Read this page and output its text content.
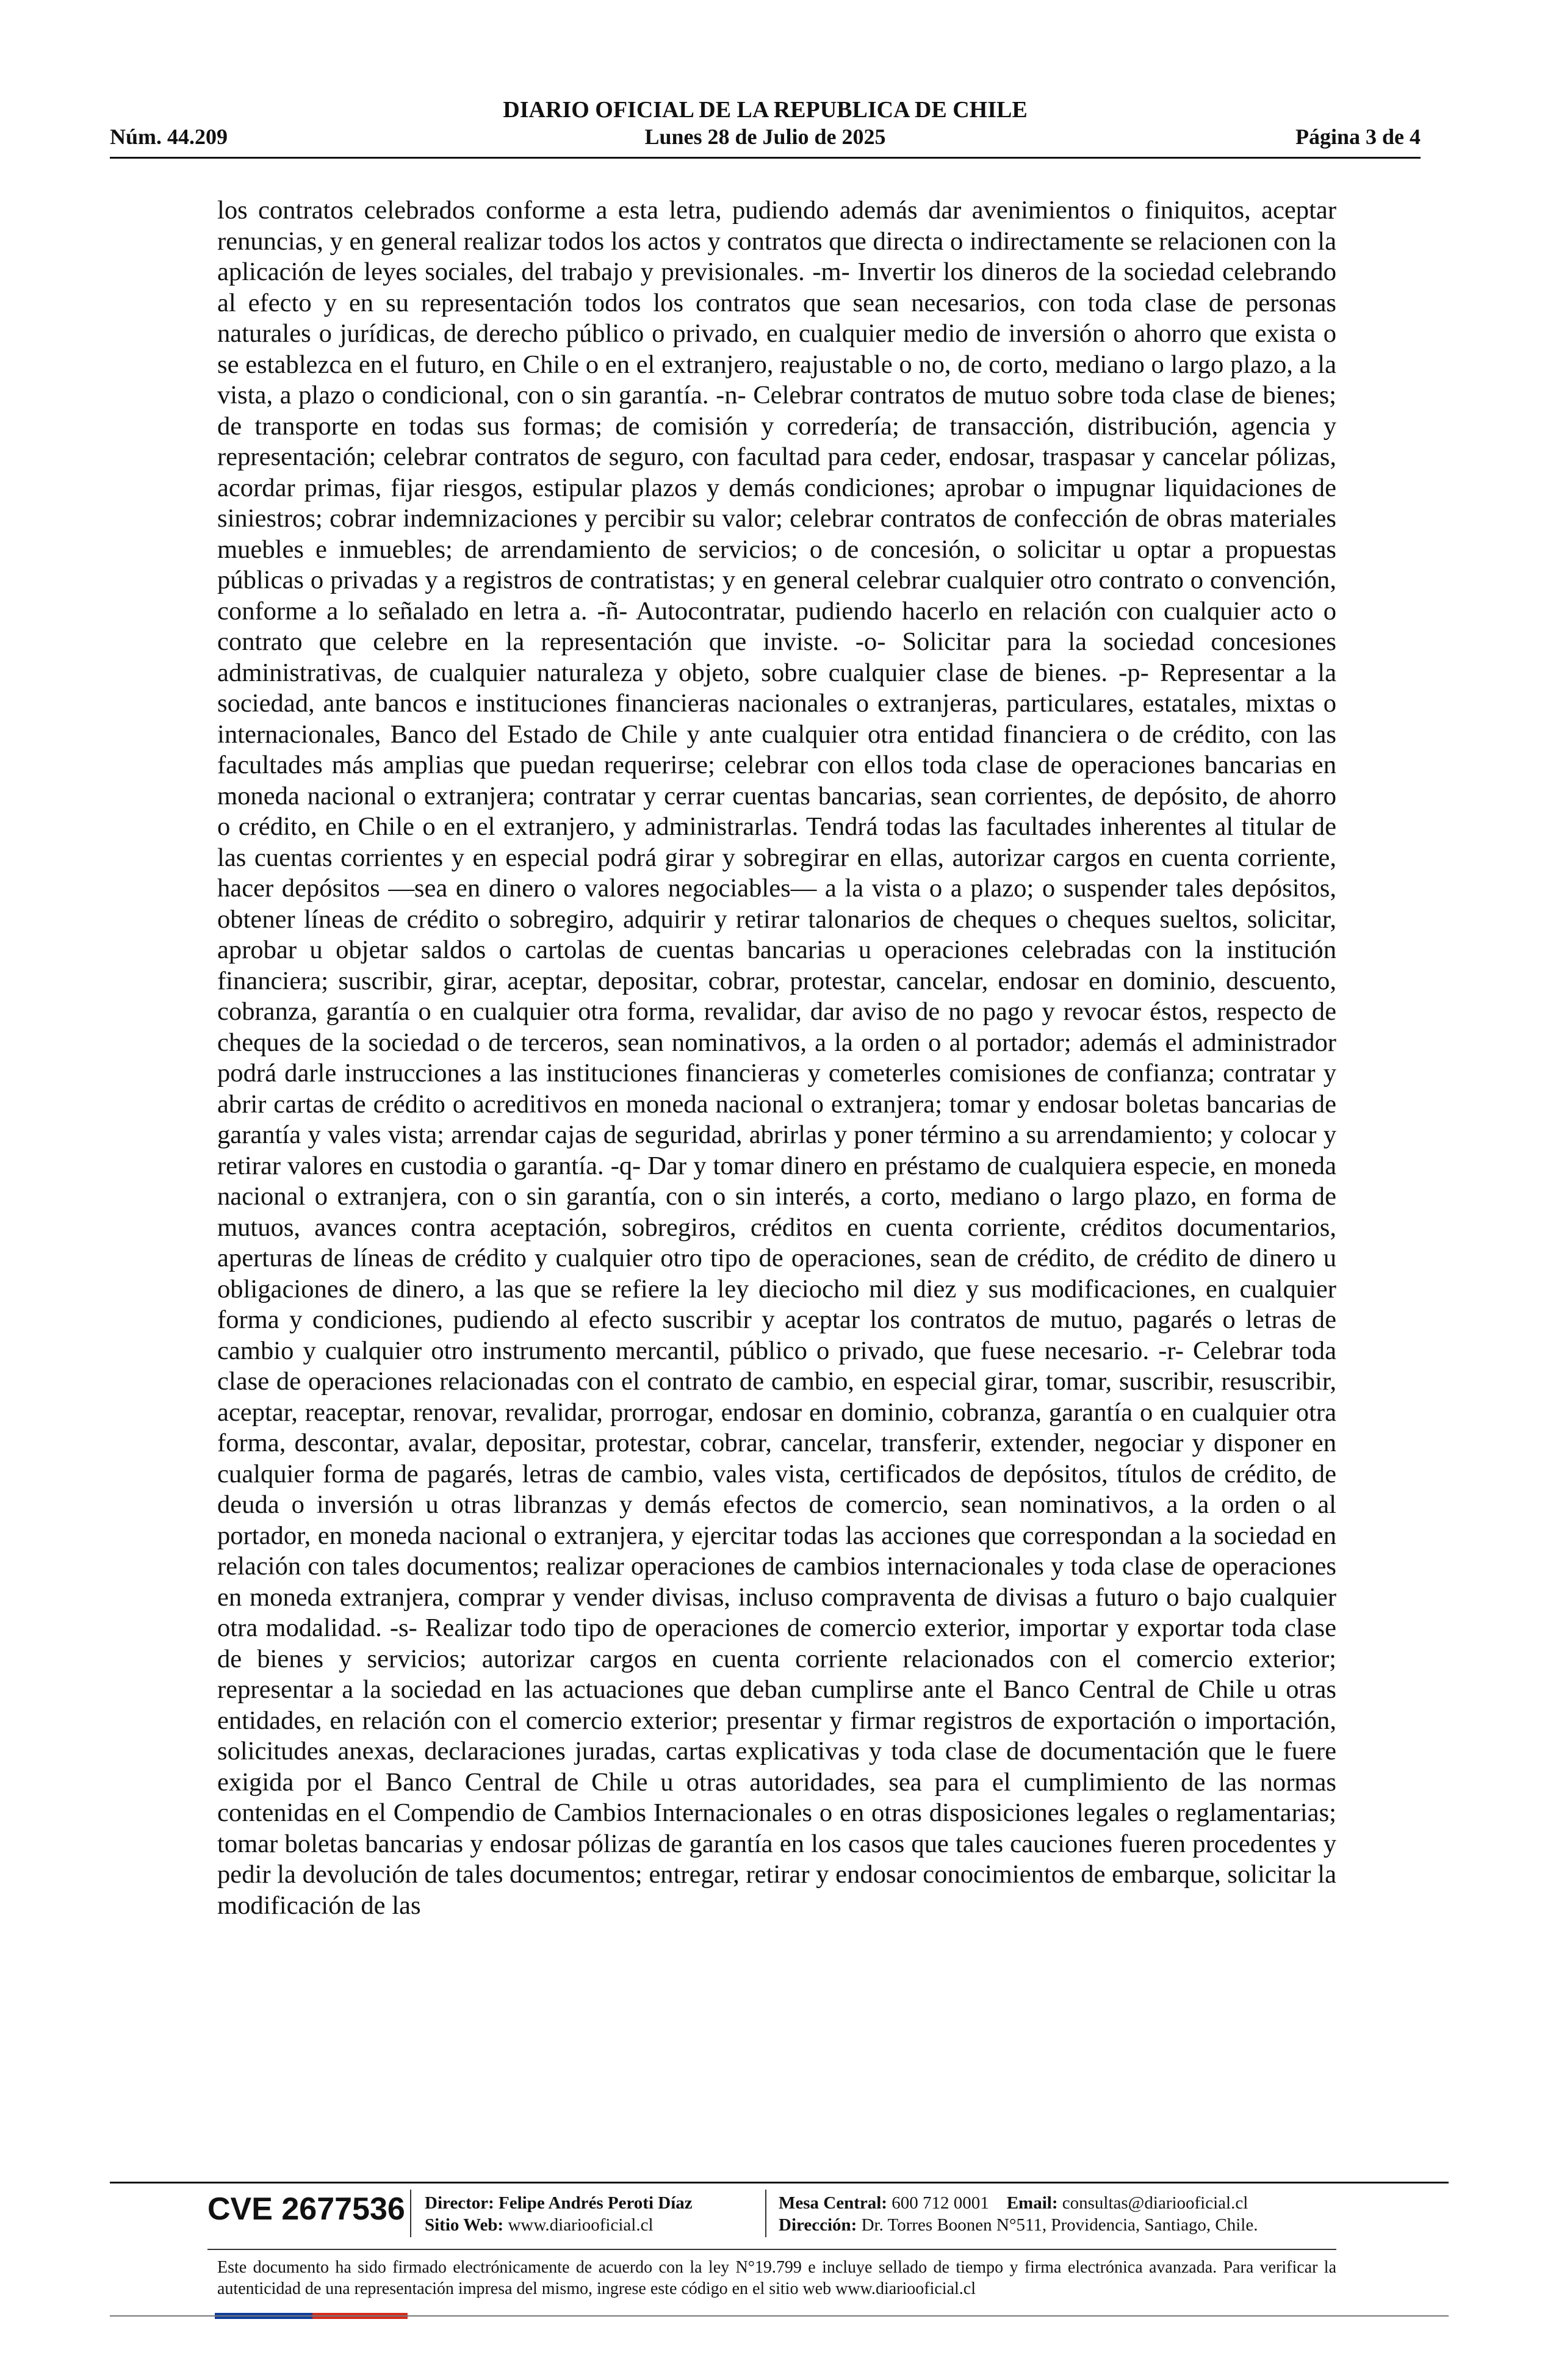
DIARIO OFICIAL DE LA REPUBLICA DE CHILE
Núm. 44.209	Lunes 28 de Julio de 2025	Página 3 de 4
los contratos celebrados conforme a esta letra, pudiendo además dar avenimientos o finiquitos, aceptar renuncias, y en general realizar todos los actos y contratos que directa o indirectamente se relacionen con la aplicación de leyes sociales, del trabajo y previsionales. -m- Invertir los dineros de la sociedad celebrando al efecto y en su representación todos los contratos que sean necesarios, con toda clase de personas naturales o jurídicas, de derecho público o privado, en cualquier medio de inversión o ahorro que exista o se establezca en el futuro, en Chile o en el extranjero, reajustable o no, de corto, mediano o largo plazo, a la vista, a plazo o condicional, con o sin garantía. -n- Celebrar contratos de mutuo sobre toda clase de bienes; de transporte en todas sus formas; de comisión y corredería; de transacción, distribución, agencia y representación; celebrar contratos de seguro, con facultad para ceder, endosar, traspasar y cancelar pólizas, acordar primas, fijar riesgos, estipular plazos y demás condiciones; aprobar o impugnar liquidaciones de siniestros; cobrar indemnizaciones y percibir su valor; celebrar contratos de confección de obras materiales muebles e inmuebles; de arrendamiento de servicios; o de concesión, o solicitar u optar a propuestas públicas o privadas y a registros de contratistas; y en general celebrar cualquier otro contrato o convención, conforme a lo señalado en letra a. -ñ- Autocontratar, pudiendo hacerlo en relación con cualquier acto o contrato que celebre en la representación que inviste. -o- Solicitar para la sociedad concesiones administrativas, de cualquier naturaleza y objeto, sobre cualquier clase de bienes. -p- Representar a la sociedad, ante bancos e instituciones financieras nacionales o extranjeras, particulares, estatales, mixtas o internacionales, Banco del Estado de Chile y ante cualquier otra entidad financiera o de crédito, con las facultades más amplias que puedan requerirse; celebrar con ellos toda clase de operaciones bancarias en moneda nacional o extranjera; contratar y cerrar cuentas bancarias, sean corrientes, de depósito, de ahorro o crédito, en Chile o en el extranjero, y administrarlas. Tendrá todas las facultades inherentes al titular de las cuentas corrientes y en especial podrá girar y sobregirar en ellas, autorizar cargos en cuenta corriente, hacer depósitos —sea en dinero o valores negociables— a la vista o a plazo; o suspender tales depósitos, obtener líneas de crédito o sobregiro, adquirir y retirar talonarios de cheques o cheques sueltos, solicitar, aprobar u objetar saldos o cartolas de cuentas bancarias u operaciones celebradas con la institución financiera; suscribir, girar, aceptar, depositar, cobrar, protestar, cancelar, endosar en dominio, descuento, cobranza, garantía o en cualquier otra forma, revalidar, dar aviso de no pago y revocar éstos, respecto de cheques de la sociedad o de terceros, sean nominativos, a la orden o al portador; además el administrador podrá darle instrucciones a las instituciones financieras y cometerles comisiones de confianza; contratar y abrir cartas de crédito o acreditivos en moneda nacional o extranjera; tomar y endosar boletas bancarias de garantía y vales vista; arrendar cajas de seguridad, abrirlas y poner término a su arrendamiento; y colocar y retirar valores en custodia o garantía. -q- Dar y tomar dinero en préstamo de cualquiera especie, en moneda nacional o extranjera, con o sin garantía, con o sin interés, a corto, mediano o largo plazo, en forma de mutuos, avances contra aceptación, sobregiros, créditos en cuenta corriente, créditos documentarios, aperturas de líneas de crédito y cualquier otro tipo de operaciones, sean de crédito, de crédito de dinero u obligaciones de dinero, a las que se refiere la ley dieciocho mil diez y sus modificaciones, en cualquier forma y condiciones, pudiendo al efecto suscribir y aceptar los contratos de mutuo, pagarés o letras de cambio y cualquier otro instrumento mercantil, público o privado, que fuese necesario. -r- Celebrar toda clase de operaciones relacionadas con el contrato de cambio, en especial girar, tomar, suscribir, resuscribir, aceptar, reaceptar, renovar, revalidar, prorrogar, endosar en dominio, cobranza, garantía o en cualquier otra forma, descontar, avalar, depositar, protestar, cobrar, cancelar, transferir, extender, negociar y disponer en cualquier forma de pagarés, letras de cambio, vales vista, certificados de depósitos, títulos de crédito, de deuda o inversión u otras libranzas y demás efectos de comercio, sean nominativos, a la orden o al portador, en moneda nacional o extranjera, y ejercitar todas las acciones que correspondan a la sociedad en relación con tales documentos; realizar operaciones de cambios internacionales y toda clase de operaciones en moneda extranjera, comprar y vender divisas, incluso compraventa de divisas a futuro o bajo cualquier otra modalidad. -s- Realizar todo tipo de operaciones de comercio exterior, importar y exportar toda clase de bienes y servicios; autorizar cargos en cuenta corriente relacionados con el comercio exterior; representar a la sociedad en las actuaciones que deban cumplirse ante el Banco Central de Chile u otras entidades, en relación con el comercio exterior; presentar y firmar registros de exportación o importación, solicitudes anexas, declaraciones juradas, cartas explicativas y toda clase de documentación que le fuere exigida por el Banco Central de Chile u otras autoridades, sea para el cumplimiento de las normas contenidas en el Compendio de Cambios Internacionales o en otras disposiciones legales o reglamentarias; tomar boletas bancarias y endosar pólizas de garantía en los casos que tales cauciones fueren procedentes y pedir la devolución de tales documentos; entregar, retirar y endosar conocimientos de embarque, solicitar la modificación de las
CVE 2677536 Director: Felipe Andrés Peroti Díaz
Sitio Web: www.diariooficial.cl
Mesa Central: 600 712 0001 Email: consultas@diariooficial.cl
Dirección: Dr. Torres Boonen N°511, Providencia, Santiago, Chile.
Este documento ha sido firmado electrónicamente de acuerdo con la ley N°19.799 e incluye sellado de tiempo y firma electrónica avanzada. Para verificar la autenticidad de una representación impresa del mismo, ingrese este código en el sitio web www.diariooficial.cl
